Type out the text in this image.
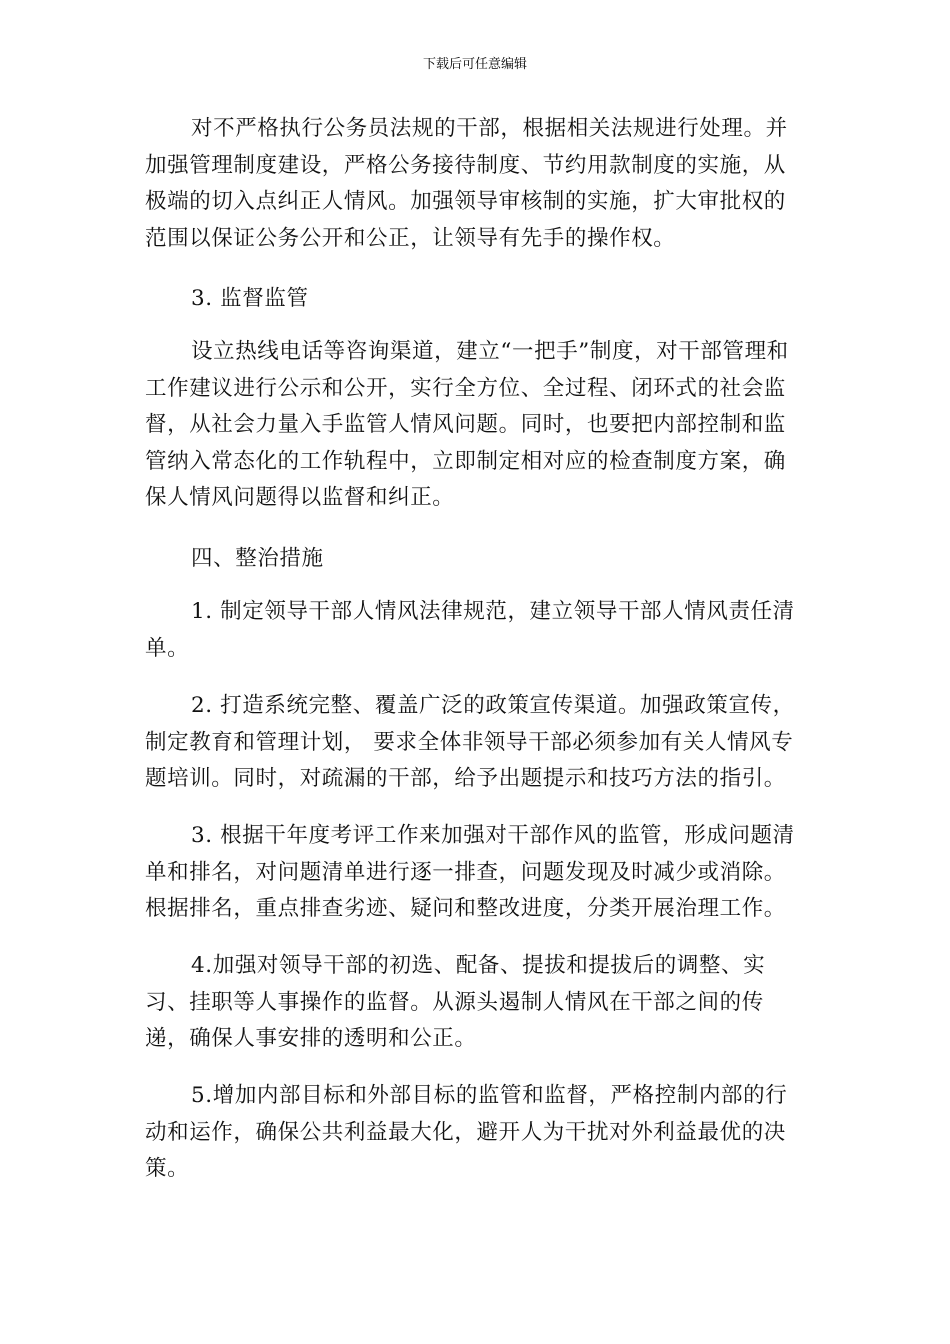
下载后可任意编辑

对不严格执行公务员法规的干部，根据相关法规进行处理。并加强管理制度建设，严格公务接待制度、节约用款制度的实施，从极端的切入点纠正人情风。加强领导审核制的实施，扩大审批权的范围以保证公务公开和公正，让领导有先手的操作权。

3. 监督监管

设立热线电话等咨询渠道，建立“一把手”制度，对干部管理和工作建议进行公示和公开，实行全方位、全过程、闭环式的社会监督，从社会力量入手监管人情风问题。同时，也要把内部控制和监管纳入常态化的工作轨程中，立即制定相对应的检查制度方案，确保人情风问题得以监督和纠正。

四、整治措施

1. 制定领导干部人情风法律规范，建立领导干部人情风责任清单。

2. 打造系统完整、覆盖广泛的政策宣传渠道。加强政策宣传，制定教育和管理计划， 要求全体非领导干部必须参加有关人情风专题培训。同时，对疏漏的干部，给予出题提示和技巧方法的指引。

3. 根据干年度考评工作来加强对干部作风的监管，形成问题清单和排名，对问题清单进行逐一排查，问题发现及时减少或消除。根据排名，重点排查劣迹、疑问和整改进度，分类开展治理工作。

4.加强对领导干部的初选、配备、提拔和提拔后的调整、实习、挂职等人事操作的监督。从源头遏制人情风在干部之间的传递，确保人事安排的透明和公正。

5.增加内部目标和外部目标的监管和监督，严格控制内部的行动和运作，确保公共利益最大化，避开人为干扰对外利益最优的决策。
